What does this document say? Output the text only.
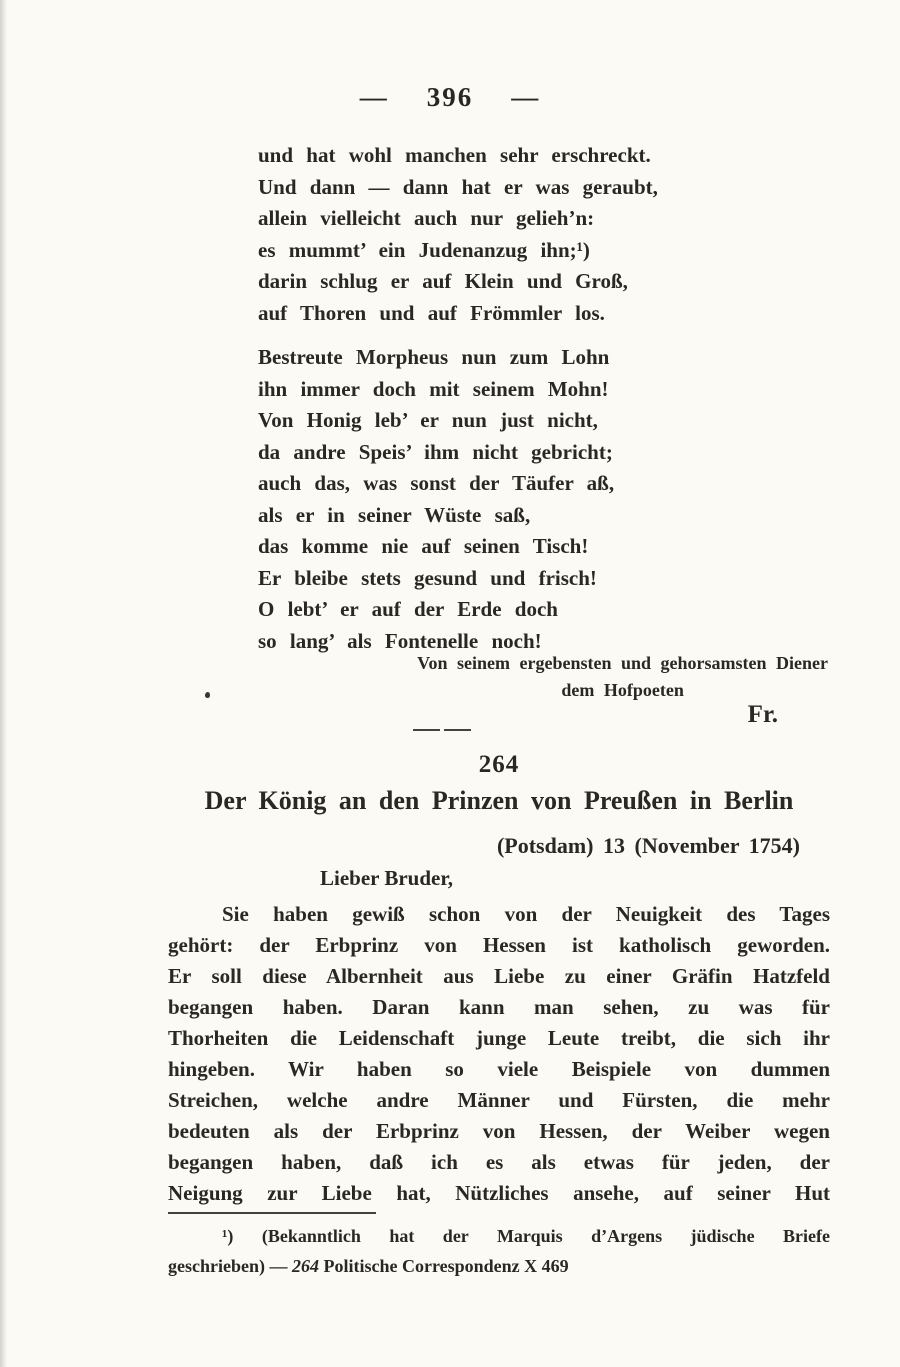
— 396 —
und hat wohl manchen sehr erschreckt.
Und dann — dann hat er was geraubt,
allein vielleicht auch nur gelieh’n:
es mummt’ ein Judenanzug ihn;¹)
darin schlug er auf Klein und Groß,
auf Thoren und auf Frömmler los.
Bestreute Morpheus nun zum Lohn
ihn immer doch mit seinem Mohn!
Von Honig leb’ er nun just nicht,
da andre Speis’ ihm nicht gebricht;
auch das, was sonst der Täufer aß,
als er in seiner Wüste saß,
das komme nie auf seinen Tisch!
Er bleibe stets gesund und frisch!
O lebt’ er auf der Erde doch
so lang’ als Fontenelle noch!
Von seinem ergebensten und gehorsamsten Diener
dem Hofpoeten
Fr.
264
Der König an den Prinzen von Preußen in Berlin
(Potsdam) 13 (November 1754)
Lieber Bruder,
Sie haben gewiß schon von der Neuigkeit des Tages
gehört: der Erbprinz von Hessen ist katholisch geworden.
Er soll diese Albernheit aus Liebe zu einer Gräfin Hatzfeld
begangen haben. Daran kann man sehen, zu was für
Thorheiten die Leidenschaft junge Leute treibt, die sich ihr
hingeben. Wir haben so viele Beispiele von dummen
Streichen, welche andre Männer und Fürsten, die mehr
bedeuten als der Erbprinz von Hessen, der Weiber wegen
begangen haben, daß ich es als etwas für jeden, der
Neigung zur Liebe hat, Nützliches ansehe, auf seiner Hut
¹) (Bekanntlich hat der Marquis d’Argens jüdische Briefe
geschrieben) — 264 Politische Correspondenz X 469
